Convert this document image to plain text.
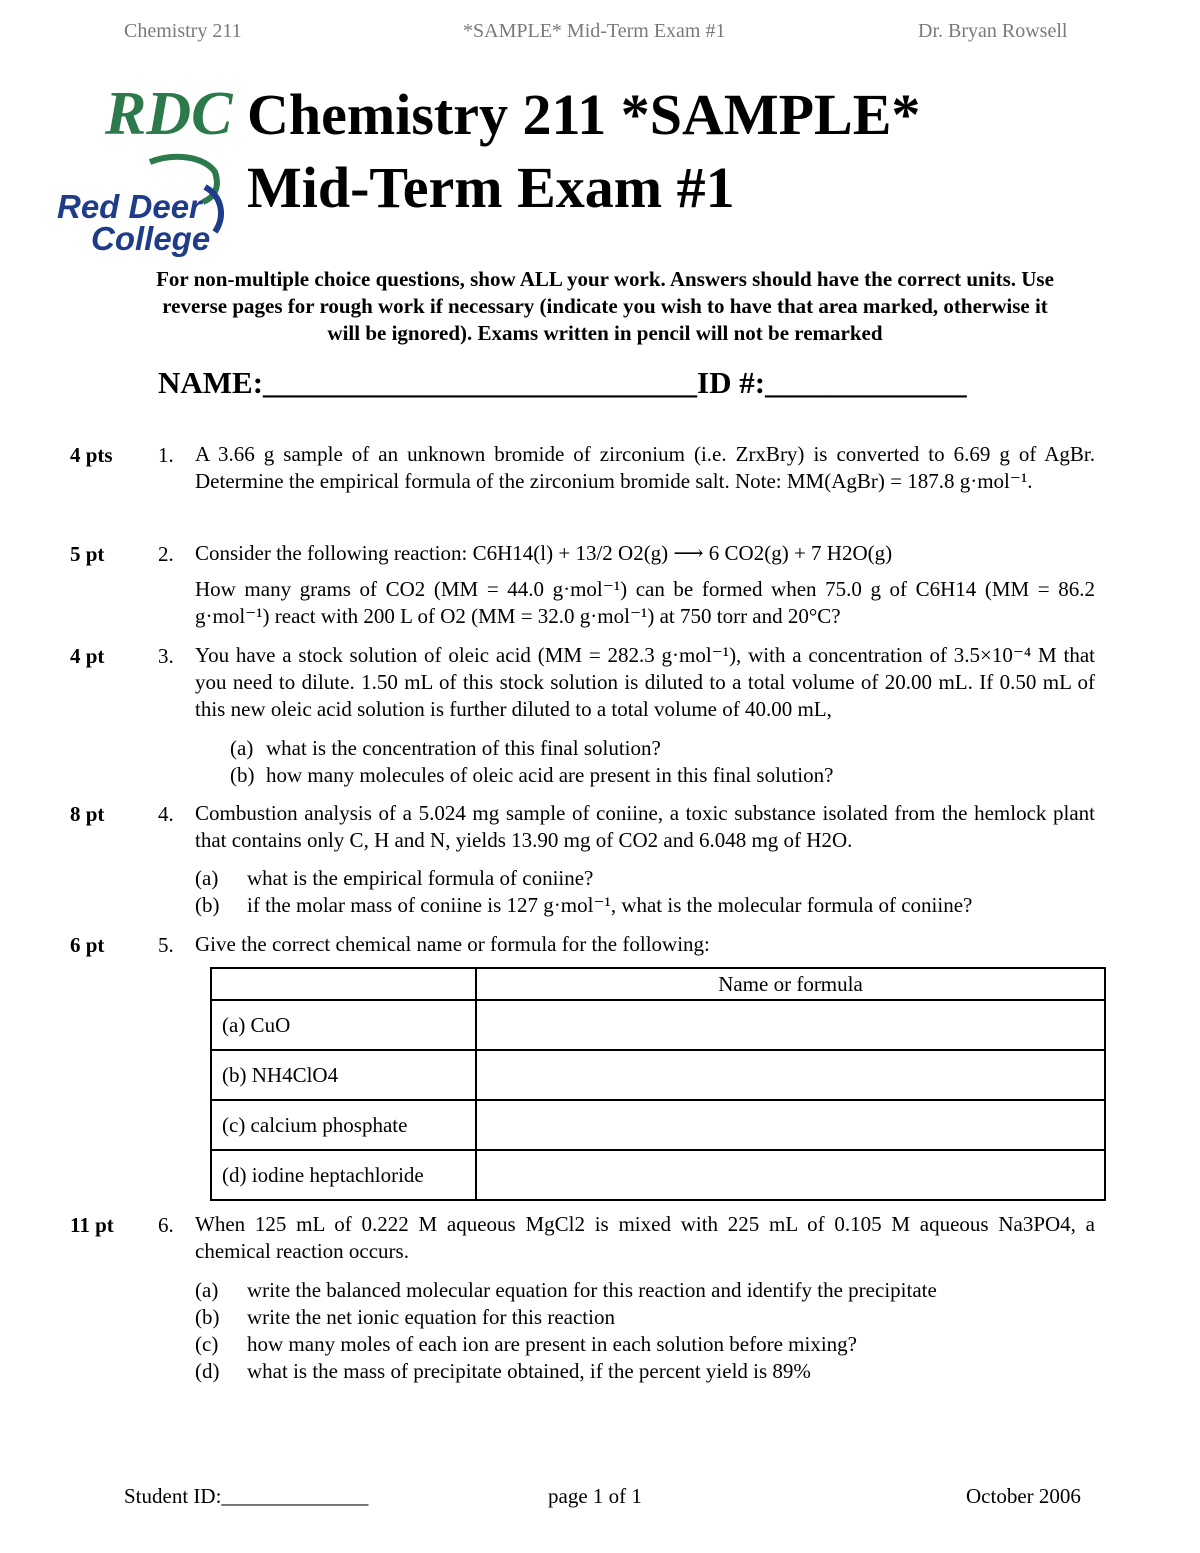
Chemistry 211	*SAMPLE* Mid-Term Exam #1	Dr. Bryan Rowsell
RDC
Red Deer
College
Chemistry 211 *SAMPLE*
Mid-Term Exam #1
For non-multiple choice questions, show ALL your work. Answers should have the correct units. Use reverse pages for rough work if necessary (indicate you wish to have that area marked, otherwise it will be ignored). Exams written in pencil will not be remarked
NAME:____________________________ID #:_____________
4 pts 1. A 3.66 g sample of an unknown bromide of zirconium (i.e. ZrxBry) is converted to 6.69 g of AgBr. Determine the empirical formula of the zirconium bromide salt. Note: MM(AgBr) = 187.8 g·mol⁻¹.
5 pt	2. Consider the following reaction: C6H14(l) + 13/2 O2(g) ⟶ 6 CO2(g) + 7 H2O(g)
How many grams of CO2 (MM = 44.0 g·mol⁻¹) can be formed when 75.0 g of C6H14 (MM = 86.2 g·mol⁻¹) react with 200 L of O2 (MM = 32.0 g·mol⁻¹) at 750 torr and 20°C?
4 pt	3. You have a stock solution of oleic acid (MM = 282.3 g·mol⁻¹), with a concentration of 3.5×10⁻⁴ M that you need to dilute. 1.50 mL of this stock solution is diluted to a total volume of 20.00 mL. If 0.50 mL of this new oleic acid solution is further diluted to a total volume of 40.00 mL,
(a) what is the concentration of this final solution?
(b) how many molecules of oleic acid are present in this final solution?
8 pt	4. Combustion analysis of a 5.024 mg sample of coniine, a toxic substance isolated from the hemlock plant that contains only C, H and N, yields 13.90 mg of CO2 and 6.048 mg of H2O.
(a) what is the empirical formula of coniine?
(b) if the molar mass of coniine is 127 g·mol⁻¹, what is the molecular formula of coniine?
6 pt	5. Give the correct chemical name or formula for the following:
	Name or formula
(a) CuO	
(b) NH4ClO4	
(c) calcium phosphate	
(d) iodine heptachloride	
11 pt 6. When 125 mL of 0.222 M aqueous MgCl2 is mixed with 225 mL of 0.105 M aqueous Na3PO4, a chemical reaction occurs.
(a) write the balanced molecular equation for this reaction and identify the precipitate
(b) write the net ionic equation for this reaction
(c) how many moles of each ion are present in each solution before mixing?
(d) what is the mass of precipitate obtained, if the percent yield is 89%
Student ID:______________	page 1 of 1	October 2006
